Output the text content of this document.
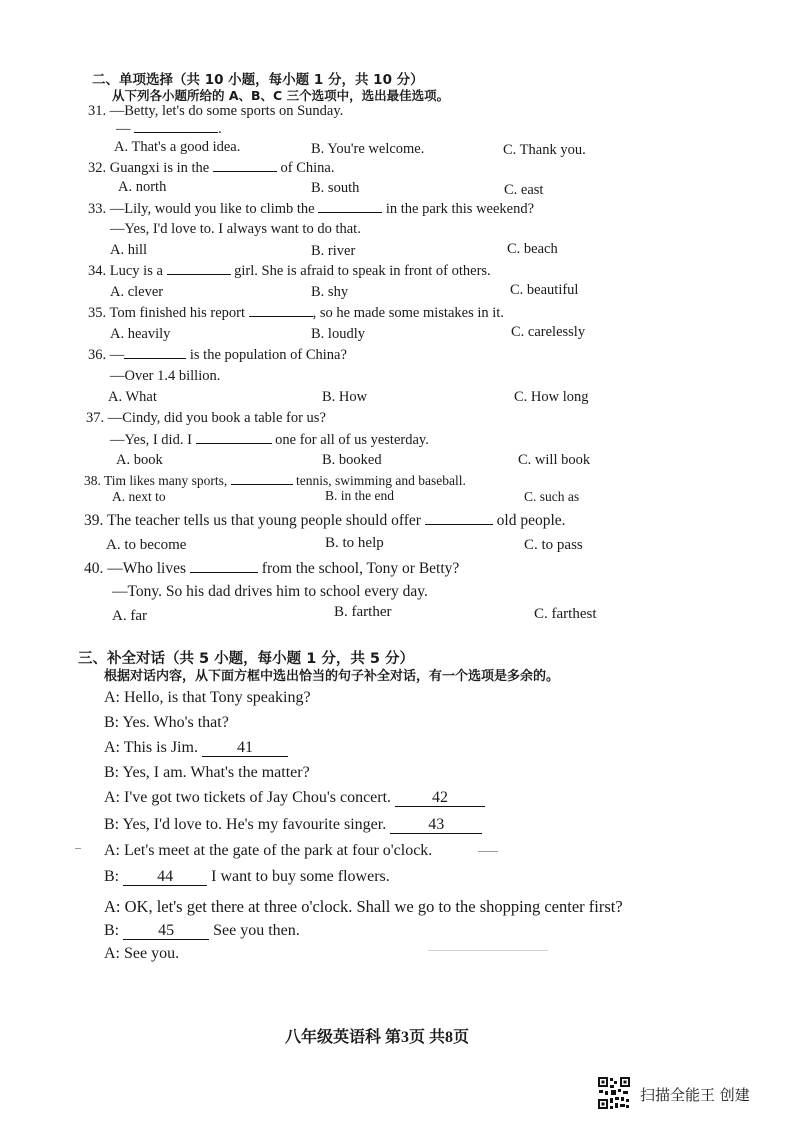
二、单项选择（共 10 小题，每小题 1 分，共 10 分）
从下列各小题所给的 A、B、C 三个选项中，选出最佳选项。
31. —Betty, let's do some sports on Sunday.
—	.
A. That's a good idea.	B. You're welcome.	C. Thank you.
32. Guangxi is in the	of China.
A. north	B. south	C. east
33. —Lily, would you like to climb the	in the park this weekend?
—Yes, I'd love to. I always want to do that.
A. hill	B. river	C. beach
34. Lucy is a	girl. She is afraid to speak in front of others.
A. clever	B. shy	C. beautiful
35. Tom finished his report	, so he made some mistakes in it.
A. heavily	B. loudly	C. carelessly
36. —	is the population of China?
—Over 1.4 billion.
A. What	B. How	C. How long
37. —Cindy, did you book a table for us?
—Yes, I did. I	one for all of us yesterday.
A. book	B. booked	C. will book
38. Tim likes many sports,	tennis, swimming and baseball.
A. next to	B. in the end	C. such as
39. The teacher tells us that young people should offer	old people.
A. to become	B. to help	C. to pass
40. —Who lives	from the school, Tony or Betty?
—Tony. So his dad drives him to school every day.
A. far	B. farther	C. farthest
三、补全对话（共 5 小题，每小题 1 分，共 5 分）
根据对话内容，从下面方框中选出恰当的句子补全对话，有一个选项是多余的。
A: Hello, is that Tony speaking?
B: Yes. Who's that?
A: This is Jim. 41
B: Yes, I am. What's the matter?
A: I've got two tickets of Jay Chou's concert.	42
B: Yes, I'd love to. He's my favourite singer.	43
A: Let's meet at the gate of the park at four o'clock.
B: 44 I want to buy some flowers.
A: OK, let's get there at three o'clock. Shall we go to the shopping center first?
B: 45 See you then.
A: See you.
八年级英语科 第3页 共8页
扫描全能王 创建
